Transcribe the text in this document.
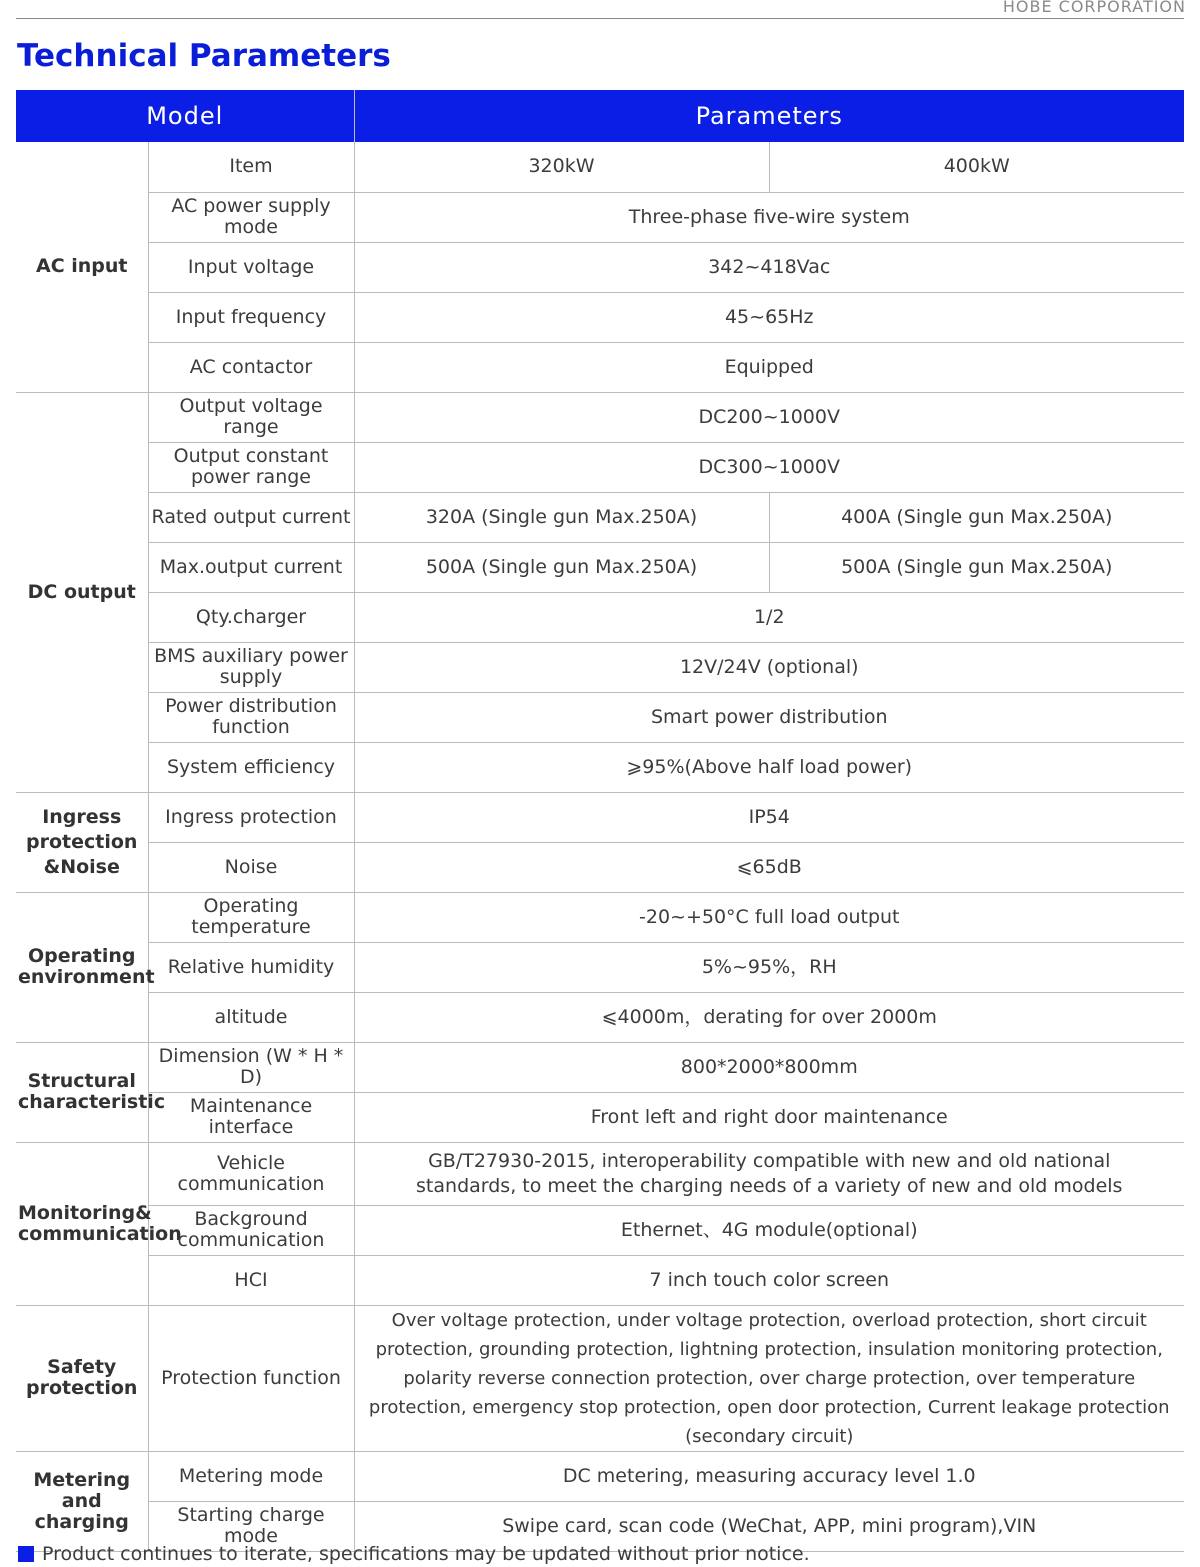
HOBE CORPORATION
Technical Parameters
Model		Parameters	
AC input	Item	320kW	400kW
	AC power supply mode	Three-phase five-wire system	
	Input voltage	342~418Vac	
	Input frequency	45~65Hz	
	AC contactor	Equipped	
DC output	Output voltage range	DC200~1000V	
	Output constant power range	DC300~1000V	
	Rated output current	320A (Single gun Max.250A)	400A (Single gun Max.250A)
	Max.output current	500A (Single gun Max.250A)	500A (Single gun Max.250A)
	Qty.charger	1/2	
	BMS auxiliary power supply	12V/24V (optional)	
	Power distribution function	Smart power distribution	
	System efficiency	⩾95%(Above half load power)	
Ingress protection &Noise	Ingress protection	IP54	
	Noise	⩽65dB	
Operating environment	Operating temperature	-20~+50°C full load output	
	Relative humidity	5%~95%，RH	
	altitude	⩽4000m，derating for over 2000m	
Structural characteristic	Dimension (W * H * D)	800*2000*800mm	
	Maintenance interface	Front left and right door maintenance	
Monitoring& communication	Vehicle communication	GB/T27930-2015, interoperability compatible with new and old national standards, to meet the charging needs of a variety of new and old models	
	Background communication	Ethernet、4G module(optional)	
	HCI	7 inch touch color screen	
Safety protection	Protection function	Over voltage protection, under voltage protection, overload protection, short circuit protection, grounding protection, lightning protection, insulation monitoring protection, polarity reverse connection protection, over charge protection, over temperature protection, emergency stop protection, open door protection, Current leakage protection (secondary circuit)	
Metering and charging	Metering mode	DC metering, measuring accuracy level 1.0	
	Starting charge mode	Swipe card, scan code (WeChat, APP, mini program),VIN	
Product continues to iterate, specifications may be updated without prior notice.
